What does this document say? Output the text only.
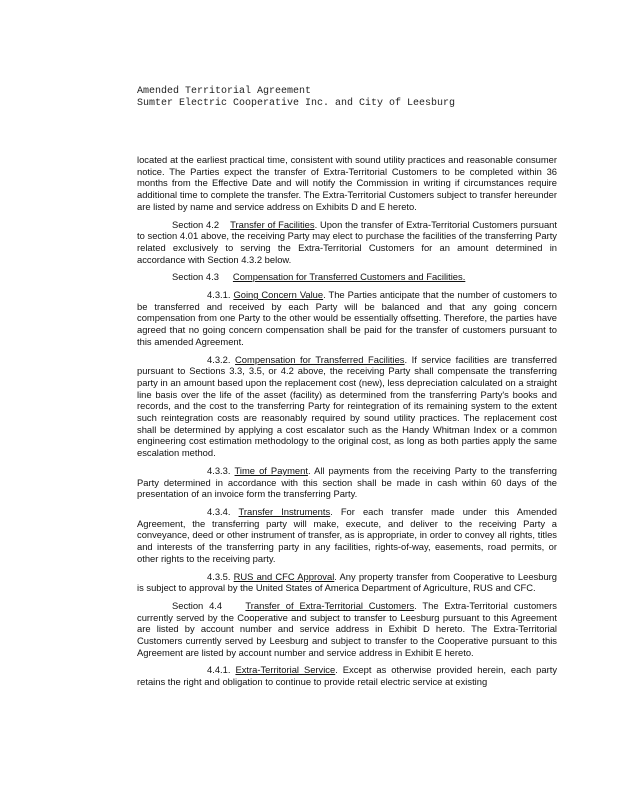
Amended Territorial Agreement
Sumter Electric Cooperative Inc. and City of Leesburg

located at the earliest practical time, consistent with sound utility practices and reasonable consumer notice. The Parties expect the transfer of Extra-Territorial Customers to be completed within 36 months from the Effective Date and will notify the Commission in writing if circumstances require additional time to complete the transfer. The Extra-Territorial Customers subject to transfer hereunder are listed by name and service address on Exhibits D and E hereto.

Section 4.2 Transfer of Facilities. Upon the transfer of Extra-Territorial Customers pursuant to section 4.01 above, the receiving Party may elect to purchase the facilities of the transferring Party related exclusively to serving the Extra-Territorial Customers for an amount determined in accordance with Section 4.3.2 below.

Section 4.3 Compensation for Transferred Customers and Facilities.

4.3.1. Going Concern Value. The Parties anticipate that the number of customers to be transferred and received by each Party will be balanced and that any going concern compensation from one Party to the other would be essentially offsetting. Therefore, the parties have agreed that no going concern compensation shall be paid for the transfer of customers pursuant to this amended Agreement.

4.3.2. Compensation for Transferred Facilities. If service facilities are transferred pursuant to Sections 3.3, 3.5, or 4.2 above, the receiving Party shall compensate the transferring party in an amount based upon the replacement cost (new), less depreciation calculated on a straight line basis over the life of the asset (facility) as determined from the transferring Party's books and records, and the cost to the transferring Party for reintegration of its remaining system to the extent such reintegration costs are reasonably required by sound utility practices. The replacement cost shall be determined by applying a cost escalator such as the Handy Whitman Index or a common engineering cost estimation methodology to the original cost, as long as both parties apply the same escalation method.

4.3.3. Time of Payment. All payments from the receiving Party to the transferring Party determined in accordance with this section shall be made in cash within 60 days of the presentation of an invoice form the transferring Party.

4.3.4. Transfer Instruments. For each transfer made under this Amended Agreement, the transferring party will make, execute, and deliver to the receiving Party a conveyance, deed or other instrument of transfer, as is appropriate, in order to convey all rights, titles and interests of the transferring party in any facilities, rights-of-way, easements, road permits, or other rights to the receiving party.

4.3.5. RUS and CFC Approval. Any property transfer from Cooperative to Leesburg is subject to approval by the United States of America Department of Agriculture, RUS and CFC.

Section 4.4 Transfer of Extra-Territorial Customers. The Extra-Territorial customers currently served by the Cooperative and subject to transfer to Leesburg pursuant to this Agreement are listed by account number and service address in Exhibit D hereto. The Extra-Territorial Customers currently served by Leesburg and subject to transfer to the Cooperative pursuant to this Agreement are listed by account number and service address in Exhibit E hereto.

4.4.1. Extra-Territorial Service. Except as otherwise provided herein, each party retains the right and obligation to continue to provide retail electric service at existing
